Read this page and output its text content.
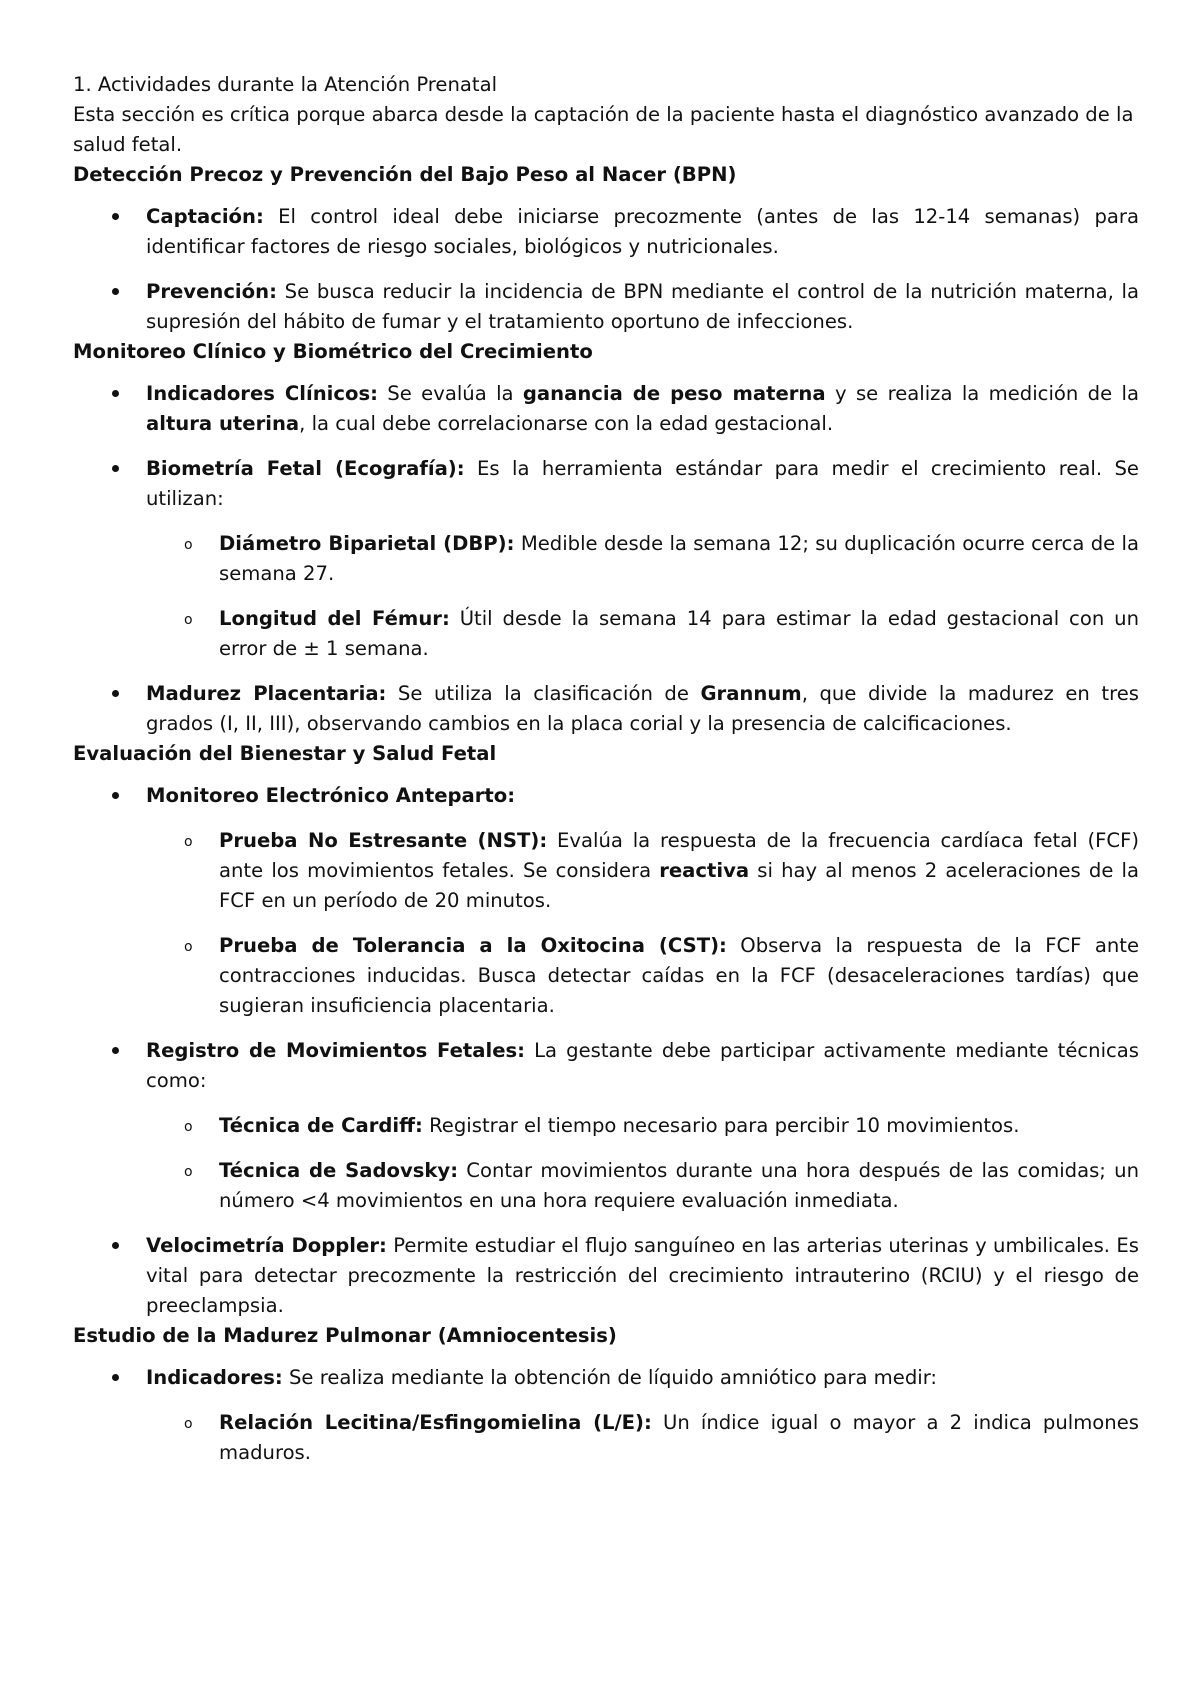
1. Actividades durante la Atención Prenatal

Esta sección es crítica porque abarca desde la captación de la paciente hasta el diagnóstico avanzado de la salud fetal.

Detección Precoz y Prevención del Bajo Peso al Nacer (BPN)

Captación: El control ideal debe iniciarse precozmente (antes de las 12-14 semanas) para identificar factores de riesgo sociales, biológicos y nutricionales.
Prevención: Se busca reducir la incidencia de BPN mediante el control de la nutrición materna, la supresión del hábito de fumar y el tratamiento oportuno de infecciones.

Monitoreo Clínico y Biométrico del Crecimiento

Indicadores Clínicos: Se evalúa la ganancia de peso materna y se realiza la medición de la altura uterina, la cual debe correlacionarse con la edad gestacional.
Biometría Fetal (Ecografía): Es la herramienta estándar para medir el crecimiento real. Se utilizan:
o Diámetro Biparietal (DBP): Medible desde la semana 12; su duplicación ocurre cerca de la semana 27.
o Longitud del Fémur: Útil desde la semana 14 para estimar la edad gestacional con un error de ± 1 semana.
Madurez Placentaria: Se utiliza la clasificación de Grannum, que divide la madurez en tres grados (I, II, III), observando cambios en la placa corial y la presencia de calcificaciones.

Evaluación del Bienestar y Salud Fetal

Monitoreo Electrónico Anteparto:
o Prueba No Estresante (NST): Evalúa la respuesta de la frecuencia cardíaca fetal (FCF) ante los movimientos fetales. Se considera reactiva si hay al menos 2 aceleraciones de la FCF en un período de 20 minutos.
o Prueba de Tolerancia a la Oxitocina (CST): Observa la respuesta de la FCF ante contracciones inducidas. Busca detectar caídas en la FCF (desaceleraciones tardías) que sugieran insuficiencia placentaria.
Registro de Movimientos Fetales: La gestante debe participar activamente mediante técnicas como:
o Técnica de Cardiff: Registrar el tiempo necesario para percibir 10 movimientos.
o Técnica de Sadovsky: Contar movimientos durante una hora después de las comidas; un número <4 movimientos en una hora requiere evaluación inmediata.
Velocimetría Doppler: Permite estudiar el flujo sanguíneo en las arterias uterinas y umbilicales. Es vital para detectar precozmente la restricción del crecimiento intrauterino (RCIU) y el riesgo de preeclampsia.

Estudio de la Madurez Pulmonar (Amniocentesis)

Indicadores: Se realiza mediante la obtención de líquido amniótico para medir:
o Relación Lecitina/Esfingomielina (L/E): Un índice igual o mayor a 2 indica pulmones maduros.
